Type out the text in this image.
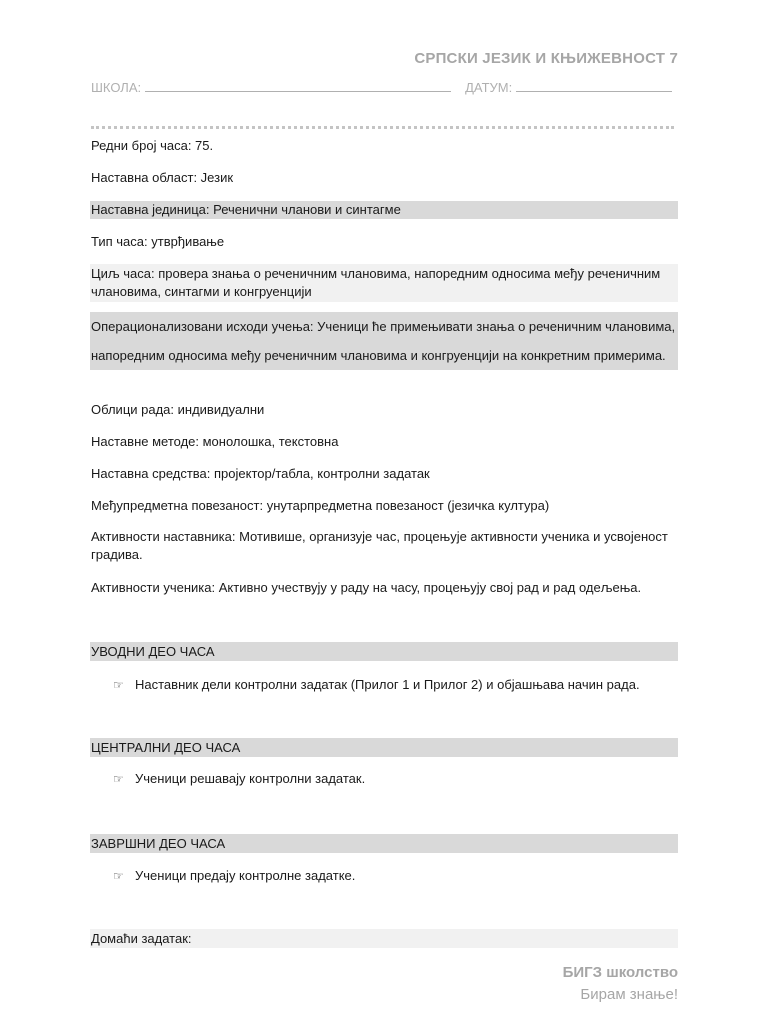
СРПСКИ ЈЕЗИК И КЊИЖЕВНОСТ 7
ШКОЛА:	ДАТУМ:
Редни број часа: 75.
Наставна област: Језик
Наставна јединица: Реченични чланови и синтагме
Тип часа: утврђивање
Циљ часа: провера знања о реченичним члановима, напоредним односима међу реченичним члановима, синтагми и конгруенцији
Операционализовани исходи учења: Ученици ће примењивати знања о реченичним члановима, напоредним односима међу реченичним члановима и конгруенцији на конкретним примерима.
Облици рада: индивидуални
Наставне методе: монолошка, текстовна
Наставна средства: пројектор/табла, контролни задатак
Међупредметна повезаност: унутарпредметна повезаност (језичка култура)
Активности наставника: Мотивише, организује час, процењује активности ученика и усвојеност градива.
Активности ученика: Активно учествују у раду на часу, процењују свој рад и рад одељења.
УВОДНИ ДЕО ЧАСА
☞ Наставник дели контролни задатак (Прилог 1 и Прилог 2) и објашњава начин рада.
ЦЕНТРАЛНИ ДЕО ЧАСА
☞ Ученици решавају контролни задатак.
ЗАВРШНИ ДЕО ЧАСА
☞ Ученици предају контролне задатке.
Домаћи задатак:
БИГЗ школство
Бирам знање!
